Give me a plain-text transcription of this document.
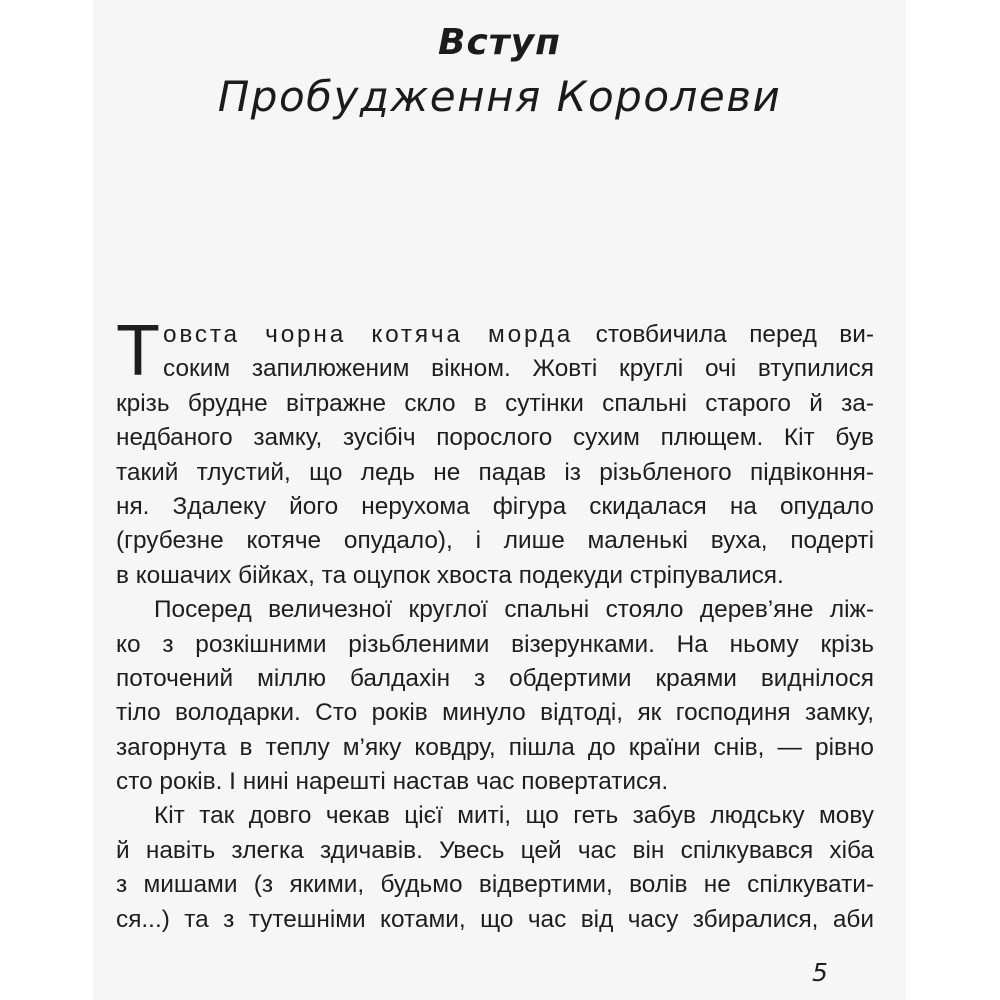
Вступ
Пробудження Королеви
Т овста чорна котяча морда стовбичила перед ви-
соким запилюженим вікном. Жовті круглі очі втупилися
крізь брудне вітражне скло в сутінки спальні старого й за-
недбаного замку, зусібіч порослого сухим плющем. Кіт був
такий тлустий, що ледь не падав із різьбленого підвіконня-
ня. Здалеку його нерухома фігура скидалася на опудало
(грубезне котяче опудало), і лише маленькі вуха, подерті
в кошачих бійках, та оцупок хвоста подекуди стріпувалися.
Посеред величезної круглої спальні стояло дерев’яне ліж-
ко з розкішними різьбленими візерунками. На ньому крізь
поточений міллю балдахін з обдертими краями виднілося
тіло володарки. Сто років минуло відтоді, як господиня замку,
загорнута в теплу м’яку ковдру, пішла до країни снів, — рівно
сто років. І нині нарешті настав час повертатися.
Кіт так довго чекав цієї миті, що геть забув людську мову
й навіть злегка здичавів. Увесь цей час він спілкувався хіба
з мишами (з якими, будьмо відвертими, волів не спілкувати-
ся...) та з тутешніми котами, що час від часу збиралися, аби
5
